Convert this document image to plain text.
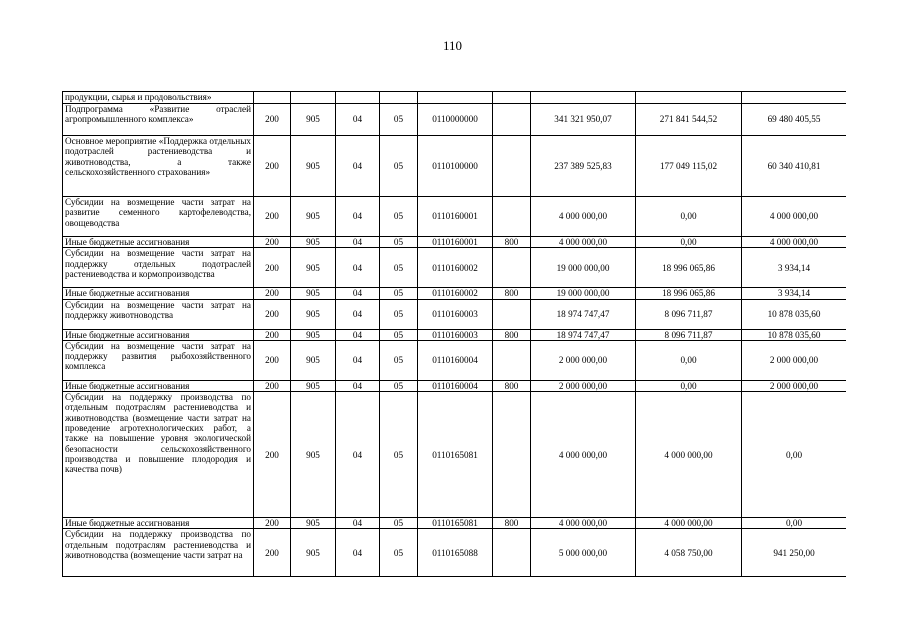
110
продукции, сырья и продовольствия»									
Подпрограмма «Развитие отраслей агропромышленного комплекса»	200	905	04	05	0110000000		341 321 950,07	271 841 544,52	69 480 405,55
Основное мероприятие «Поддержка отдельных подотраслей растениеводства и животноводства, а также сельскохозяйственного страхования»	200	905	04	05	0110100000		237 389 525,83	177 049 115,02	60 340 410,81
Субсидии на возмещение части затрат на развитие семенного картофелеводства, овощеводства	200	905	04	05	0110160001		4 000 000,00	0,00	4 000 000,00
Иные бюджетные ассигнования	200	905	04	05	0110160001	800	4 000 000,00	0,00	4 000 000,00
Субсидии на возмещение части затрат на поддержку отдельных подотраслей растениеводства и кормопроизводства	200	905	04	05	0110160002		19 000 000,00	18 996 065,86	3 934,14
Иные бюджетные ассигнования	200	905	04	05	0110160002	800	19 000 000,00	18 996 065,86	3 934,14
Субсидии на возмещение части затрат на поддержку животноводства	200	905	04	05	0110160003		18 974 747,47	8 096 711,87	10 878 035,60
Иные бюджетные ассигнования	200	905	04	05	0110160003	800	18 974 747,47	8 096 711,87	10 878 035,60
Субсидии на возмещение части затрат на поддержку развития рыбохозяйственного комплекса	200	905	04	05	0110160004		2 000 000,00	0,00	2 000 000,00
Иные бюджетные ассигнования	200	905	04	05	0110160004	800	2 000 000,00	0,00	2 000 000,00
Субсидии на поддержку производства по отдельным подотраслям растениеводства и животноводства (возмещение части затрат на проведение агротехнологических работ, а также на повышение уровня экологической безопасности сельскохозяйственного производства и повышение плодородия и качества почв)	200	905	04	05	0110165081		4 000 000,00	4 000 000,00	0,00
Иные бюджетные ассигнования	200	905	04	05	0110165081	800	4 000 000,00	4 000 000,00	0,00
Субсидии на поддержку производства по отдельным подотраслям растениеводства и животноводства (возмещение части затрат на	200	905	04	05	0110165088		5 000 000,00	4 058 750,00	941 250,00
